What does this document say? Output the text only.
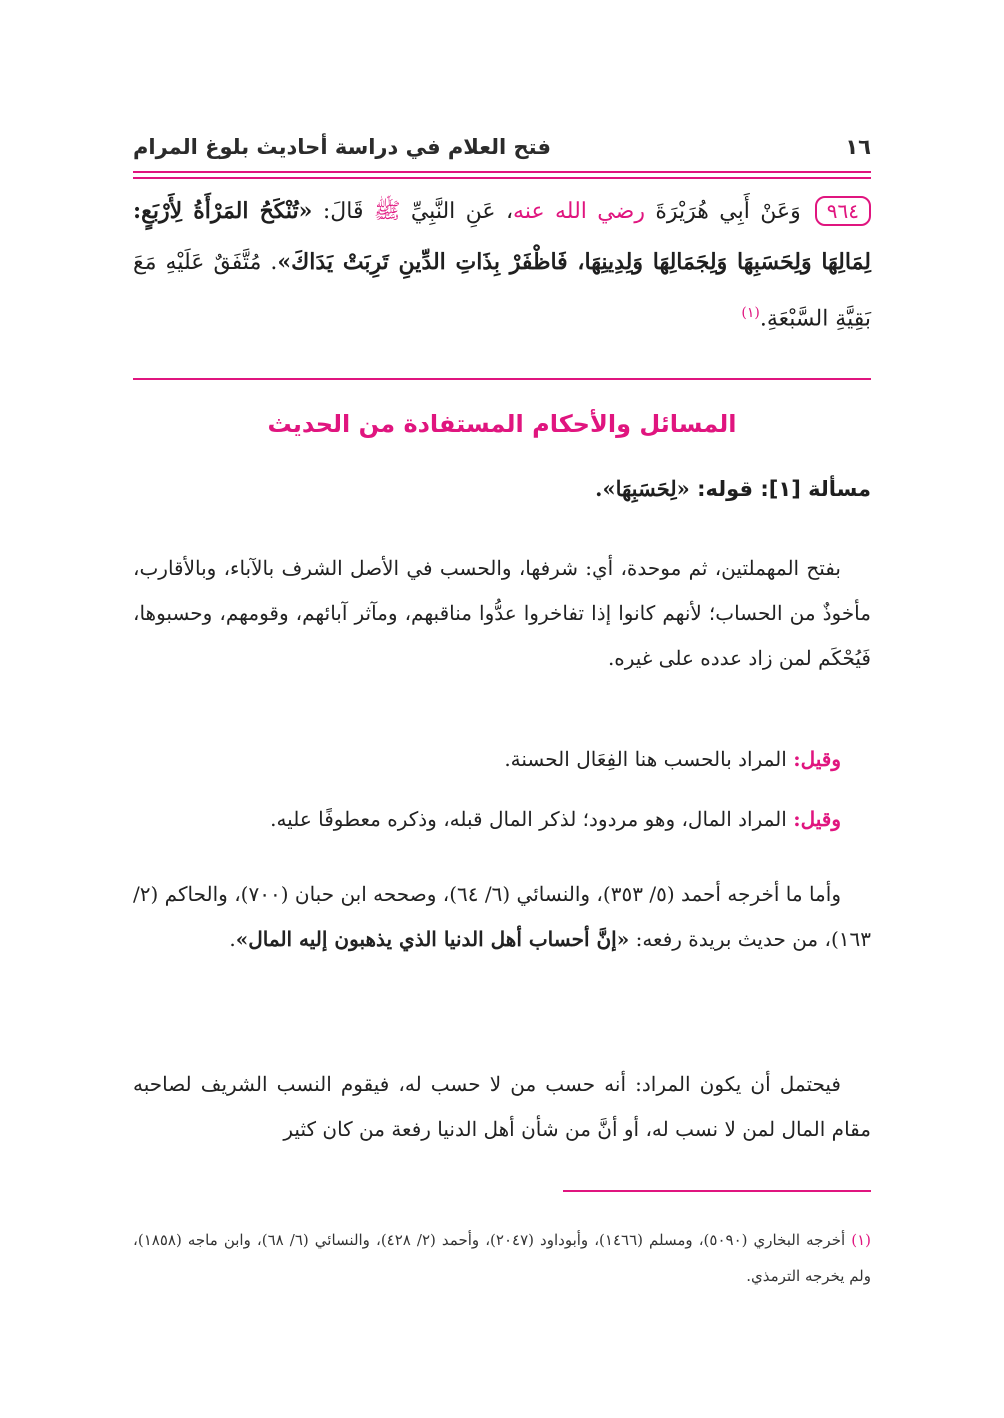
١٦
فتح العلام في دراسة أحاديث بلوغ المرام
٩٦٤وَعَنْ أَبِي هُرَيْرَةَ رضي الله عنه، عَنِ النَّبِيِّ ﷺ قَالَ: «تُنْكَحُ المَرْأَةُ لِأَرْبَعٍ: لِمَالِهَا وَلِحَسَبِهَا وَلِجَمَالِهَا وَلِدِينِهَا، فَاظْفَرْ بِذَاتِ الدِّينِ تَرِبَتْ يَدَاكَ». مُتَّفَقٌ عَلَيْهِ مَعَ بَقِيَّةِ السَّبْعَةِ.$^{(١)}$
المسائل والأحكام المستفادة من الحديث
مسألة [١]: قوله: «لِحَسَبِهَا».
بفتح المهملتين، ثم موحدة، أي: شرفها، والحسب في الأصل الشرف بالآباء، وبالأقارب، مأخوذٌ من الحساب؛ لأنهم كانوا إذا تفاخروا عدُّوا مناقبهم، ومآثر آبائهم، وقومهم، وحسبوها، فَيُحْكَم لمن زاد عدده على غيره.
وقيل: المراد بالحسب هنا الفِعَال الحسنة.
وقيل: المراد المال، وهو مردود؛ لذكر المال قبله، وذكره معطوفًا عليه.
وأما ما أخرجه أحمد (٥/ ٣٥٣)، والنسائي (٦/ ٦٤)، وصححه ابن حبان (٧٠٠)، والحاكم (٢/ ١٦٣)، من حديث بريدة رفعه: «إنَّ أحساب أهل الدنيا الذي يذهبون إليه المال».
فيحتمل أن يكون المراد: أنه حسب من لا حسب له، فيقوم النسب الشريف لصاحبه مقام المال لمن لا نسب له، أو أنَّ من شأن أهل الدنيا رفعة من كان كثير
(١) أخرجه البخاري (٥٠٩٠)، ومسلم (١٤٦٦)، وأبوداود (٢٠٤٧)، وأحمد (٢/ ٤٢٨)، والنسائي (٦/ ٦٨)، وابن ماجه (١٨٥٨)، ولم يخرجه الترمذي.
